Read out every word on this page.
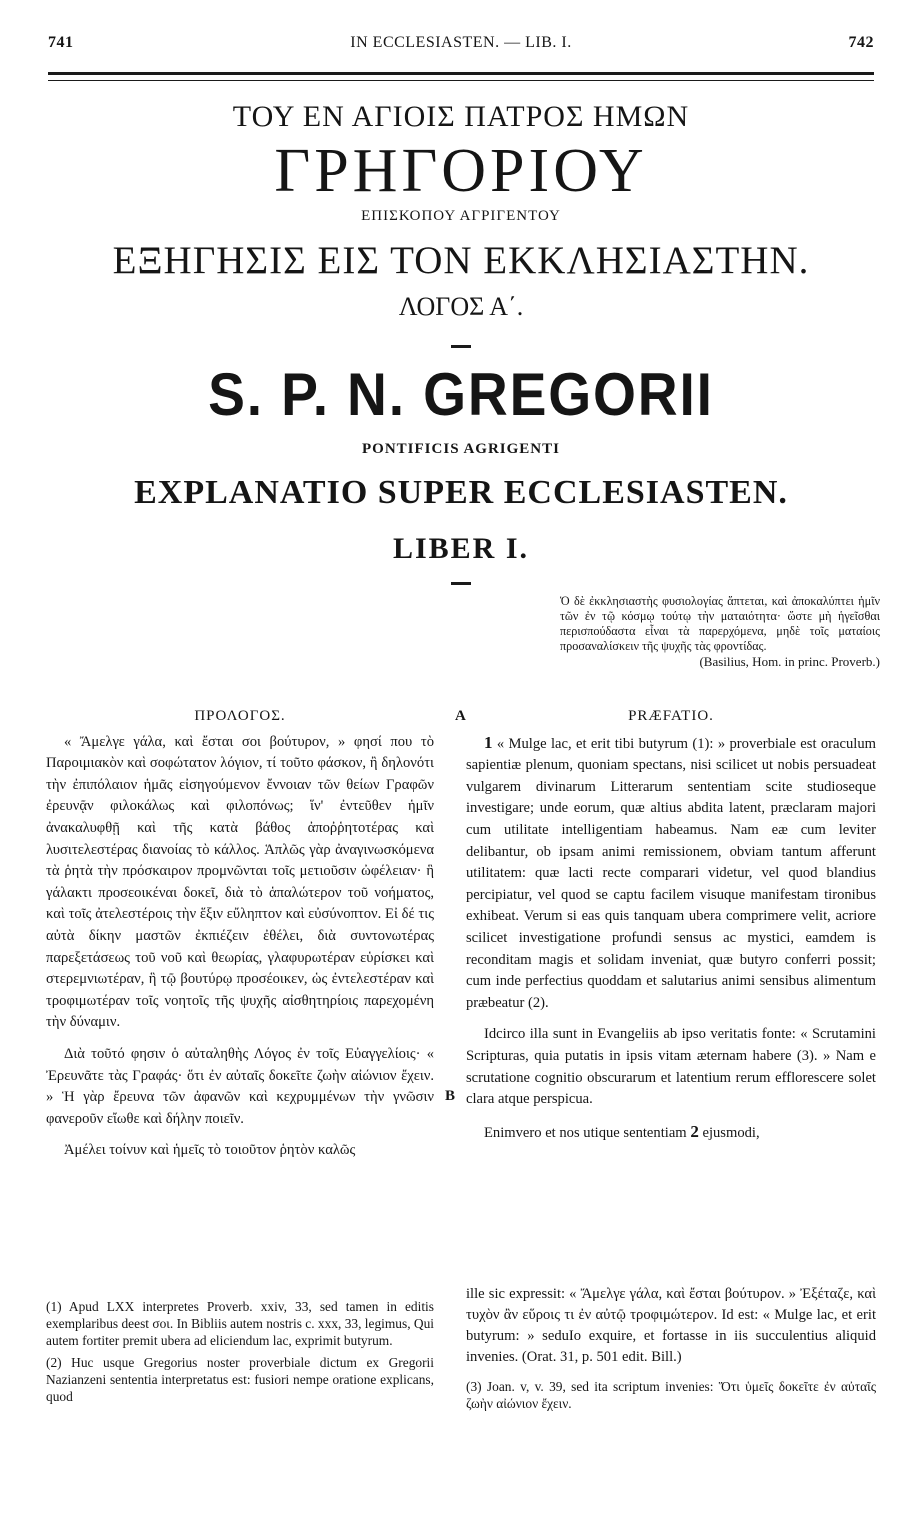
741	IN ECCLESIASTEN. — LIB. I.	742
ΤΟΥ ΕΝ ΑΓΙΟΙΣ ΠΑΤΡΟΣ ΗΜΩΝ
ΓΡΗΓΟΡΙΟΥ
ΕΠΙΣΚΟΠΟΥ ΑΓΡΙΓΕΝΤΟΥ
ΕΞΗΓΗΣΙΣ ΕΙΣ ΤΟΝ ΕΚΚΛΗΣΙΑΣΤΗΝ.
ΛΟΓΟΣ Α΄.
S. P. N. GREGORII
PONTIFICIS AGRIGENTI
EXPLANATIO SUPER ECCLESIASTEN.
LIBER I.
Ὁ δὲ ἐκκλησιαστὴς φυσιολογίας ἅπτεται, καὶ ἀποκαλύπτει ἡμῖν τῶν ἐν τῷ κόσμῳ τούτῳ τὴν ματαιότητα· ὥστε μὴ ἡγεῖσθαι περισπούδαστα εἶναι τὰ παρερχόμενα, μηδὲ τοῖς ματαίοις προσαναλίσκειν τῆς ψυχῆς τὰς φροντίδας.
(Basilius, Hom. in princ. Proverb.)
A
B
ΠΡΟΛΟΓΟΣ.

« Ἄμελγε γάλα, καὶ ἔσται σοι βούτυρον, » φησί που τὸ Παροιμιακὸν καὶ σοφώτατον λόγιον, τί τοῦτο φάσκον, ἢ δηλονότι τὴν ἐπιπόλαιον ἡμᾶς εἰσηγούμενον ἔννοιαν τῶν θείων Γραφῶν ἐρευνᾷν φιλοκάλως καὶ φιλοπόνως; ἵν' ἐντεῦθεν ἡμῖν ἀνακαλυφθῇ καὶ τῆς κατὰ βάθος ἀποῤῥητοτέρας καὶ λυσιτελεστέρας διανοίας τὸ κάλλος. Ἁπλῶς γὰρ ἀναγινωσκόμενα τὰ ῥητὰ τὴν πρόσκαιρον προμνῶνται τοῖς μετιοῦσιν ὠφέλειαν· ἣ γάλακτι προσεοικέναι δοκεῖ, διὰ τὸ ἁπαλώτερον τοῦ νοήματος, καὶ τοῖς ἀτελεστέροις τὴν ἕξιν εὔληπτον καὶ εὐσύνοπτον. Εἰ δέ τις αὐτὰ δίκην μαστῶν ἐκπιέζειν ἐθέλει, διὰ συντονωτέρας παρεξετάσεως τοῦ νοῦ καὶ θεωρίας, γλαφυρωτέραν εὑρίσκει καὶ στερεμνιωτέραν, ἣ τῷ βουτύρῳ προσέοικεν, ὡς ἐντελεστέραν καὶ τροφιμωτέραν τοῖς νοητοῖς τῆς ψυχῆς αἰσθητηρίοις παρεχομένη τὴν δύναμιν.

Διὰ τοῦτό φησιν ὁ αὐταληθὴς Λόγος ἐν τοῖς Εὐαγγελίοις· « Ἐρευνᾶτε τὰς Γραφάς· ὅτι ἐν αὐταῖς δοκεῖτε ζωὴν αἰώνιον ἔχειν. » Ἡ γὰρ ἔρευνα τῶν ἀφανῶν καὶ κεχρυμμένων τὴν γνῶσιν φανεροῦν εἴωθε καὶ δήλην ποιεῖν.

Ἀμέλει τοίνυν καὶ ἡμεῖς τὸ τοιοῦτον ῥητὸν καλῶς

PRÆFATIO.

1 « Mulge lac, et erit tibi butyrum (1): » proverbiale est oraculum sapientiæ plenum, quoniam spectans, nisi scilicet ut nobis persuadeat vulgarem divinarum Litterarum sententiam scite studioseque investigare; unde eorum, quæ altius abdita latent, præclaram majori cum utilitate intelligentiam habeamus. Nam eæ cum leviter delibantur, ob ipsam animi remissionem, obviam tantum afferunt utilitatem: quæ lacti recte comparari videtur, vel quod blandius percipiatur, vel quod se captu facilem visuque manifestam tironibus exhibeat. Verum si eas quis tanquam ubera comprimere velit, acriore scilicet investigatione profundi sensus ac mystici, eamdem is reconditam magis et solidam inveniat, quæ butyro conferri possit; cum inde perfectius quoddam et salutarius animi sensibus alimentum præbeatur (2).

Idcirco illa sunt in Evangeliis ab ipso veritatis fonte: « Scrutamini Scripturas, quia putatis in ipsis vitam æternam habere (3). » Nam e scrutatione cognitio obscurarum et latentium rerum efflorescere solet clara atque perspicua.

Enimvero et nos utique sententiam 2 ejusmodi,

(1) Apud LXX interpretes Proverb. xxiv, 33, sed tamen in editis exemplaribus deest σοι. In Bibliis autem nostris c. xxx, 33, legimus, Qui autem fortiter premit ubera ad eliciendum lac, exprimit butyrum.

(2) Huc usque Gregorius noster proverbiale dictum ex Gregorii Nazianzeni sententia interpretatus est: fusiori nempe oratione explicans, quod

ille sic expressit: « Ἄμελγε γάλα, καὶ ἔσται βούτυρον. » Ἐξέταζε, καὶ τυχὸν ἂν εὕροις τι ἐν αὐτῷ τροφιμώτερον. Id est: « Mulge lac, et erit butyrum: » seduIo exquire, et fortasse in iis succulentius aliquid invenies. (Orat. 31, p. 501 edit. Bill.)

(3) Joan. v, v. 39, sed ita scriptum invenies: Ὅτι ὑμεῖς δοκεῖτε ἐν αὐταῖς ζωὴν αἰώνιον ἔχειν.
